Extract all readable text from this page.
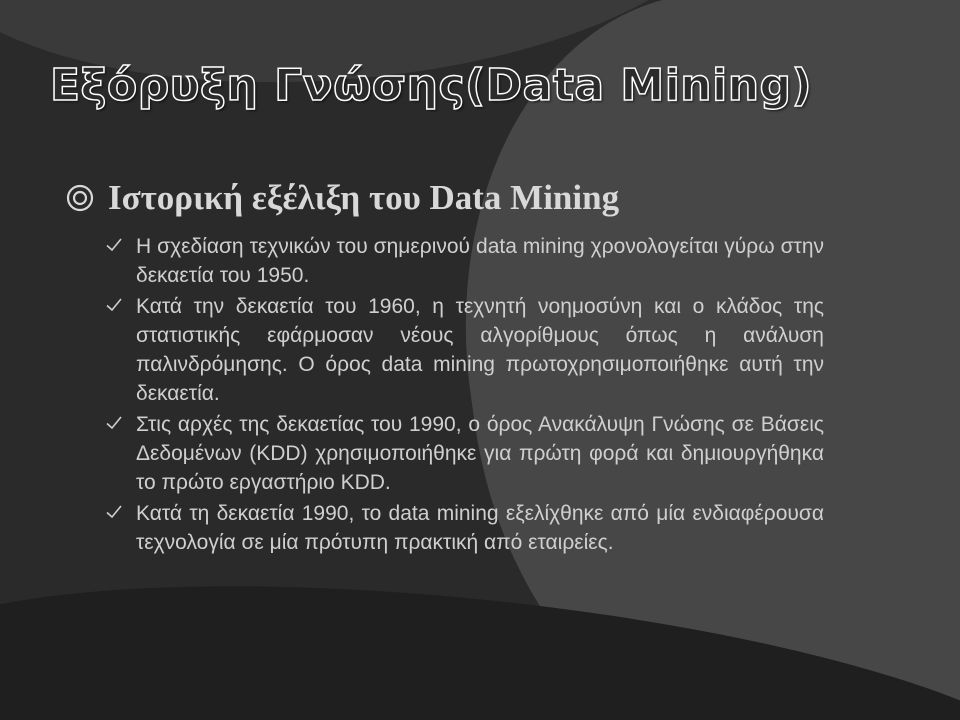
Εξόρυξη Γνώσης(Data Mining)
Ιστορική εξέλιξη του Data Mining
Η σχεδίαση τεχνικών του σημερινού data mining χρονολογείται γύρω στην δεκαετία του 1950.
Κατά την δεκαετία του 1960, η τεχνητή νοημοσύνη και ο κλάδος της στατιστικής εφάρμοσαν νέους αλγορίθμους όπως η ανάλυση παλινδρόμησης. Ο όρος data mining πρωτοχρησιμοποιήθηκε αυτή την δεκαετία.
Στις αρχές της δεκαετίας του 1990, ο όρος Ανακάλυψη Γνώσης σε Βάσεις Δεδομένων (KDD) χρησιμοποιήθηκε για πρώτη φορά και δημιουργήθηκα το πρώτο εργαστήριο KDD.
Κατά τη δεκαετία 1990, το data mining εξελίχθηκε από μία ενδιαφέρουσα τεχνολογία σε μία πρότυπη πρακτική από εταιρείες.
